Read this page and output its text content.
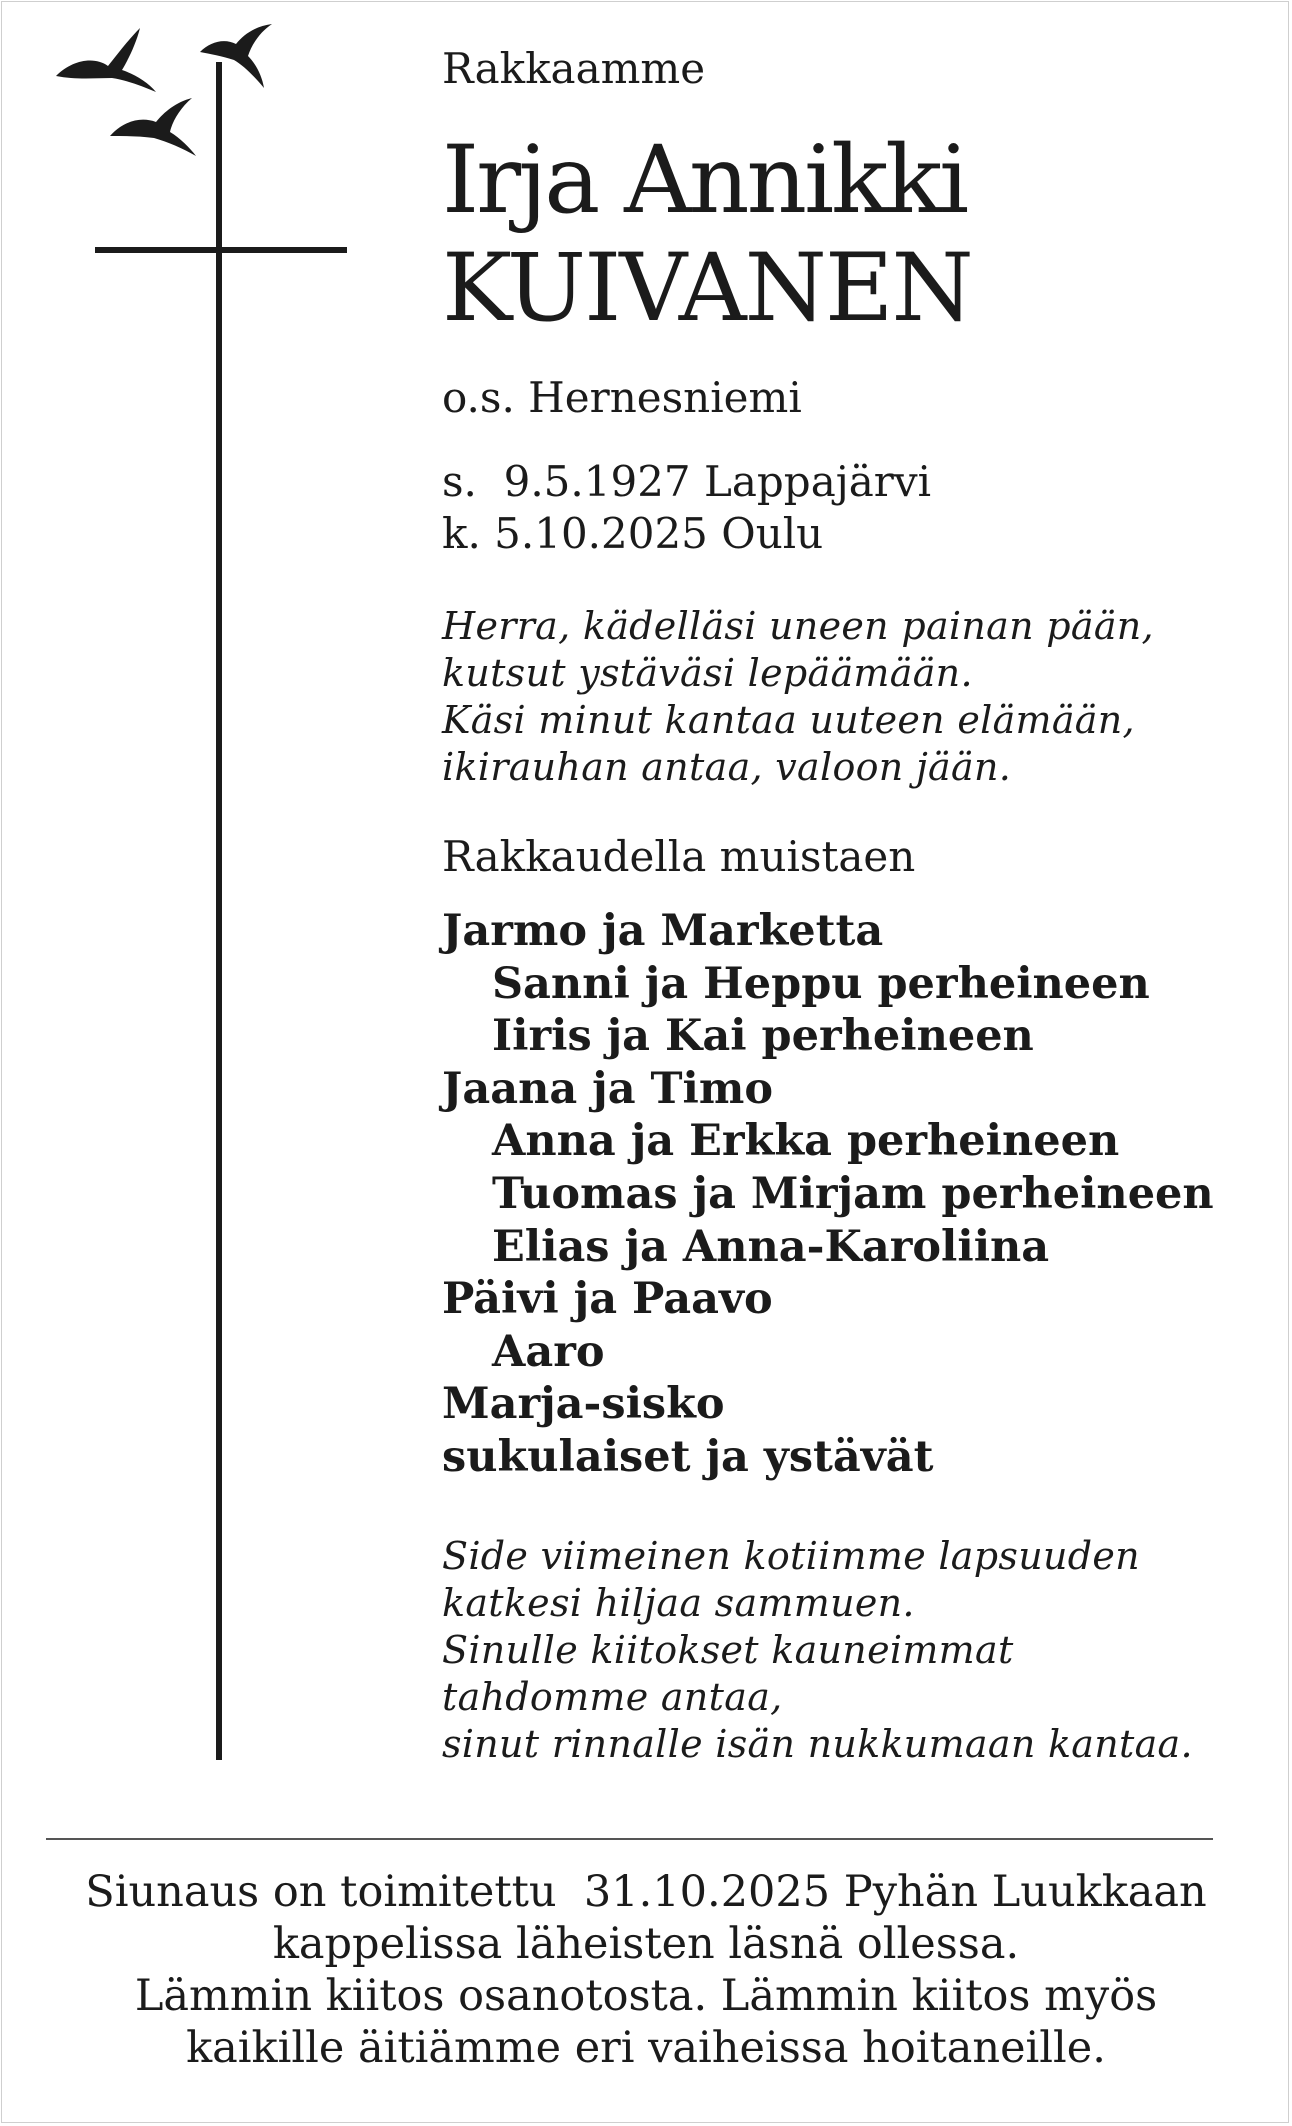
Rakkaamme
Irja Annikki
KUIVANEN
o.s. Hernesniemi
s.  9.5.1927 Lappajärvi
k. 5.10.2025 Oulu
Herra, kädelläsi uneen painan pään,
kutsut ystäväsi lepäämään.
Käsi minut kantaa uuteen elämään,
ikirauhan antaa, valoon jään.
Rakkaudella muistaen
Jarmo ja Marketta
Sanni ja Heppu perheineen
Iiris ja Kai perheineen
Jaana ja Timo
Anna ja Erkka perheineen
Tuomas ja Mirjam perheineen
Elias ja Anna-Karoliina
Päivi ja Paavo
Aaro
Marja-sisko
sukulaiset ja ystävät
Side viimeinen kotiimme lapsuuden
katkesi hiljaa sammuen.
Sinulle kiitokset kauneimmat
tahdomme antaa,
sinut rinnalle isän nukkumaan kantaa.
Siunaus on toimitettu  31.10.2025 Pyhän Luukkaan
kappelissa läheisten läsnä ollessa.
Lämmin kiitos osanotosta. Lämmin kiitos myös
kaikille äitiämme eri vaiheissa hoitaneille.
